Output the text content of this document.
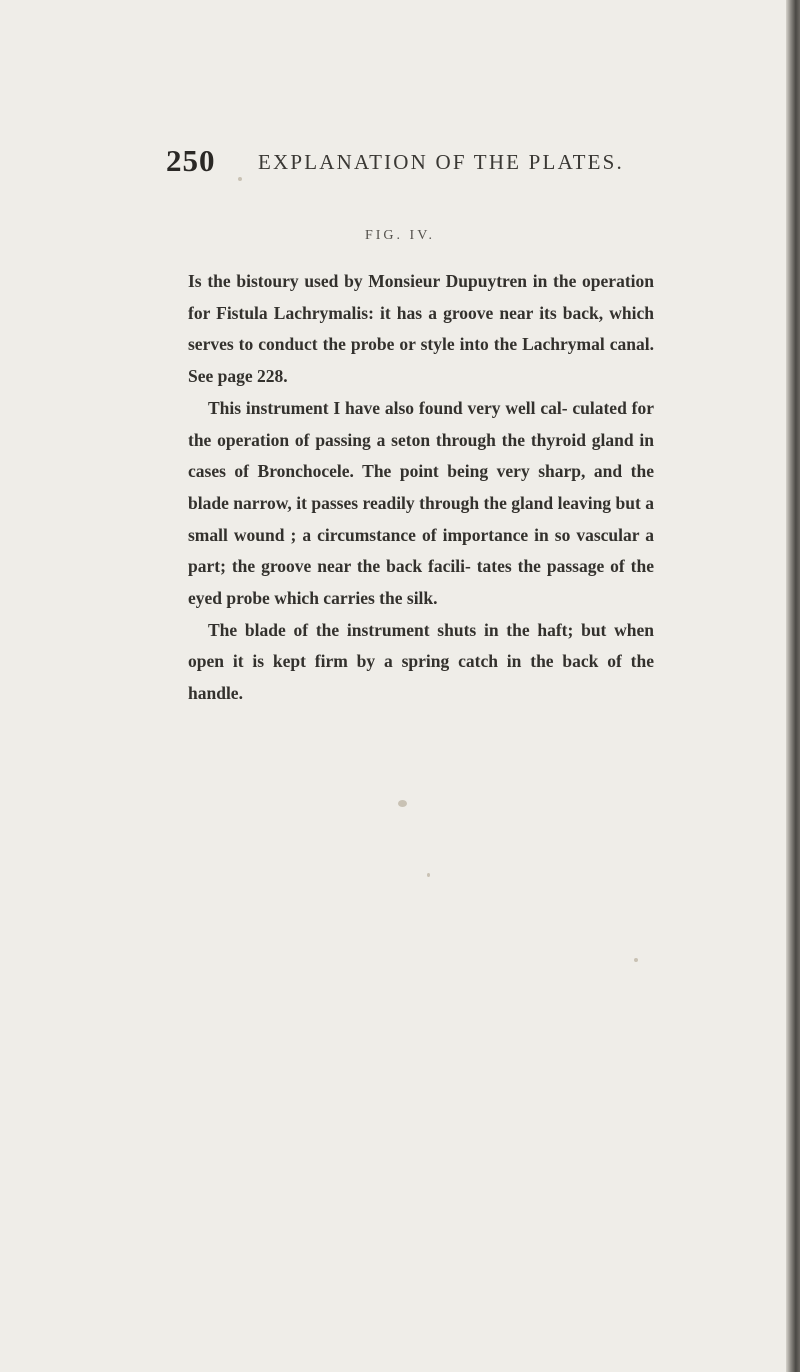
250 EXPLANATION OF THE PLATES.
FIG. IV.

Is the bistoury used by Monsieur Dupuytren in the operation for Fistula Lachrymalis: it has a groove near its back, which serves to conduct the probe or style into the Lachrymal canal. See page 228.

This instrument I have also found very well cal- culated for the operation of passing a seton through the thyroid gland in cases of Bronchocele. The point being very sharp, and the blade narrow, it passes readily through the gland leaving but a small wound ; a circumstance of importance in so vascular a part; the groove near the back facili- tates the passage of the eyed probe which carries the silk.

The blade of the instrument shuts in the haft; but when open it is kept firm by a spring catch in the back of the handle.
